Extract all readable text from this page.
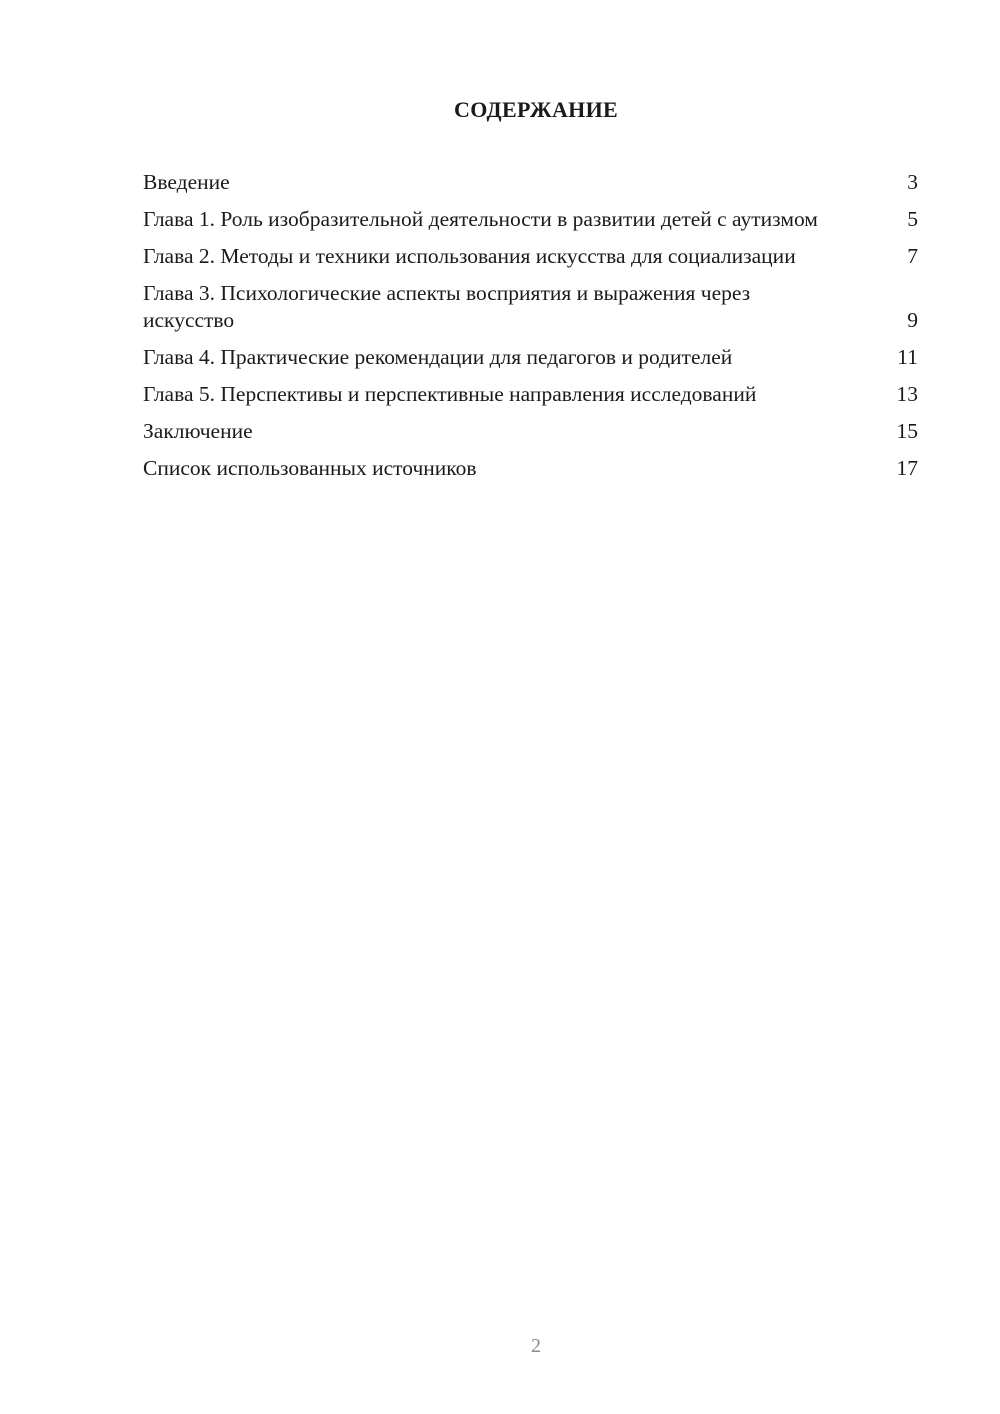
СОДЕРЖАНИЕ
Введение	3
Глава 1. Роль изобразительной деятельности в развитии детей с аутизмом	5
Глава 2. Методы и техники использования искусства для социализации	7
Глава 3. Психологические аспекты восприятия и выражения через искусство	9
Глава 4. Практические рекомендации для педагогов и родителей	11
Глава 5. Перспективы и перспективные направления исследований	13
Заключение	15
Список использованных источников	17
2
